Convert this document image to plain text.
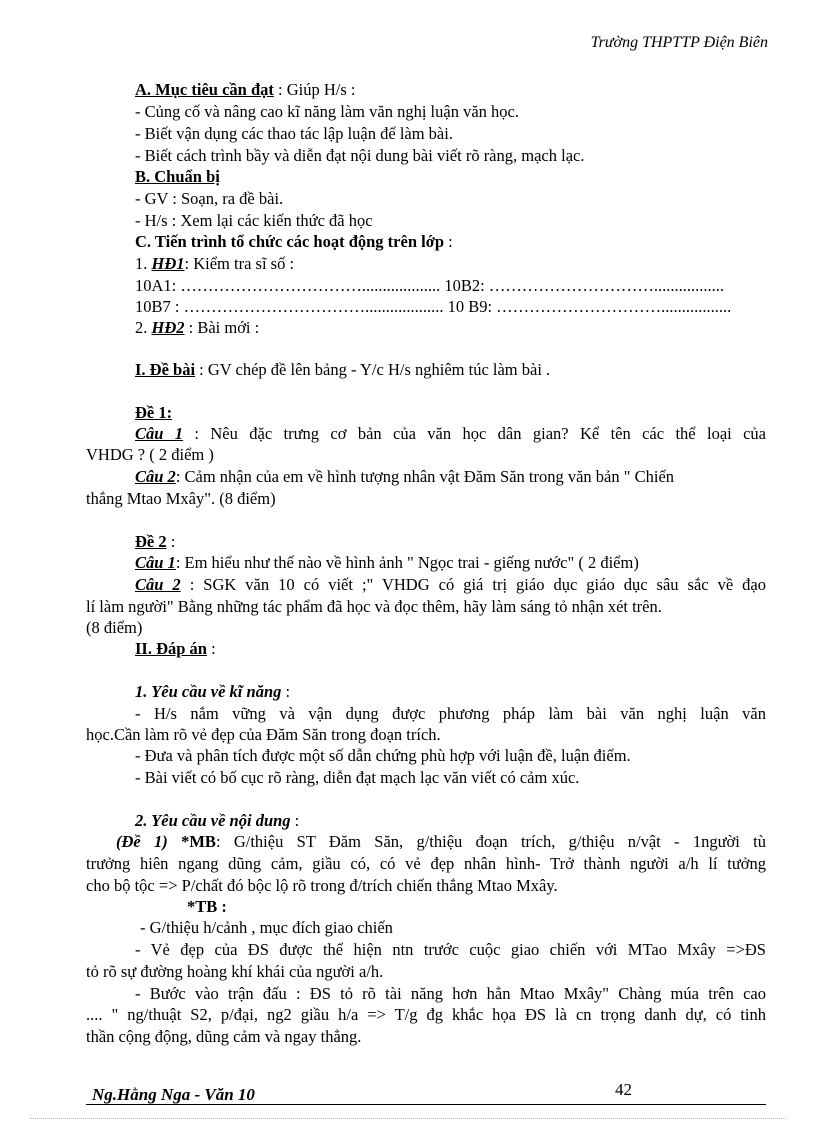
Trường THPTTP Điện Biên
A. Mục tiêu cần đạt : Giúp H/s :
- Củng cố và nâng cao kĩ năng làm văn nghị luận văn học.
- Biết vận dụng các thao tác lập luận để làm bài.
- Biết cách trình bầy và diễn đạt nội dung bài viết rõ ràng, mạch lạc.
B. Chuẩn bị
- GV : Soạn, ra đề bài.
- H/s : Xem lại các kiến thức đã học
C. Tiến trình tổ chức các hoạt động trên lớp :
1. HĐ1: Kiểm tra sĩ số :
10A1: ……………………………................... 10B2: ………………………….................
10B7 : ……………………………................... 10 B9: ………………………….................
2. HĐ2 : Bài mới :
I. Đề bài : GV chép đề lên bảng - Y/c H/s nghiêm túc làm bài .
Đề 1:
Câu 1 : Nêu đặc trưng cơ bản của văn học dân gian? Kể tên các thể loại của
VHDG ? ( 2 điểm )
Câu 2: Cảm nhận của em về hình tượng nhân vật Đăm Săn trong văn bản " Chiến
thắng Mtao Mxây". (8 điểm)
Đề 2 :
Câu 1: Em hiểu như thế nào về hình ảnh " Ngọc trai - giếng nước" ( 2 điểm)
Câu 2 : SGK văn 10 có viết ;" VHDG có giá trị giáo dục giáo dục sâu sắc về đạo
lí làm người" Bằng những tác phẩm đã học và đọc thêm, hãy làm sáng tỏ nhận xét trên.
(8 điểm)
II. Đáp án :
1. Yêu cầu về kĩ năng :
- H/s nắm vững và vận dụng được phương pháp làm bài văn nghị luận văn
học.Cần làm rõ vẻ đẹp của Đăm Săn trong đoạn trích.
- Đưa và phân tích được một số dẫn chứng phù hợp với luận đề, luận điểm.
- Bài viết có bố cục rõ ràng, diễn đạt mạch lạc văn viết có cảm xúc.
2. Yêu cầu về nội dung :
(Đề 1) *MB: G/thiệu ST Đăm Săn, g/thiệu đoạn trích, g/thiệu n/vật - 1người tù
trưởng hiên ngang dũng cảm, giầu có, có vẻ đẹp nhân hình- Trở thành người a/h lí tưởng
cho bộ tộc => P/chất đó bộc lộ rõ trong đ/trích chiến thắng Mtao Mxây.
*TB :
- G/thiệu h/cảnh , mục đích giao chiến
- Vẻ đẹp của ĐS được thể hiện ntn trước cuộc giao chiến với MTao Mxây =>ĐS
tỏ rõ sự đường hoàng khí khái của người a/h.
- Bước vào trận đấu : ĐS tỏ rõ tài năng hơn hẳn Mtao Mxây" Chàng múa trên cao
.... " ng/thuật S2, p/đại, ng2 giầu h/a => T/g đg khắc họa ĐS là cn trọng danh dự, có tinh
thần cộng động, dũng cảm và ngay thẳng.
Ng.Hằng Nga - Văn 10	42
